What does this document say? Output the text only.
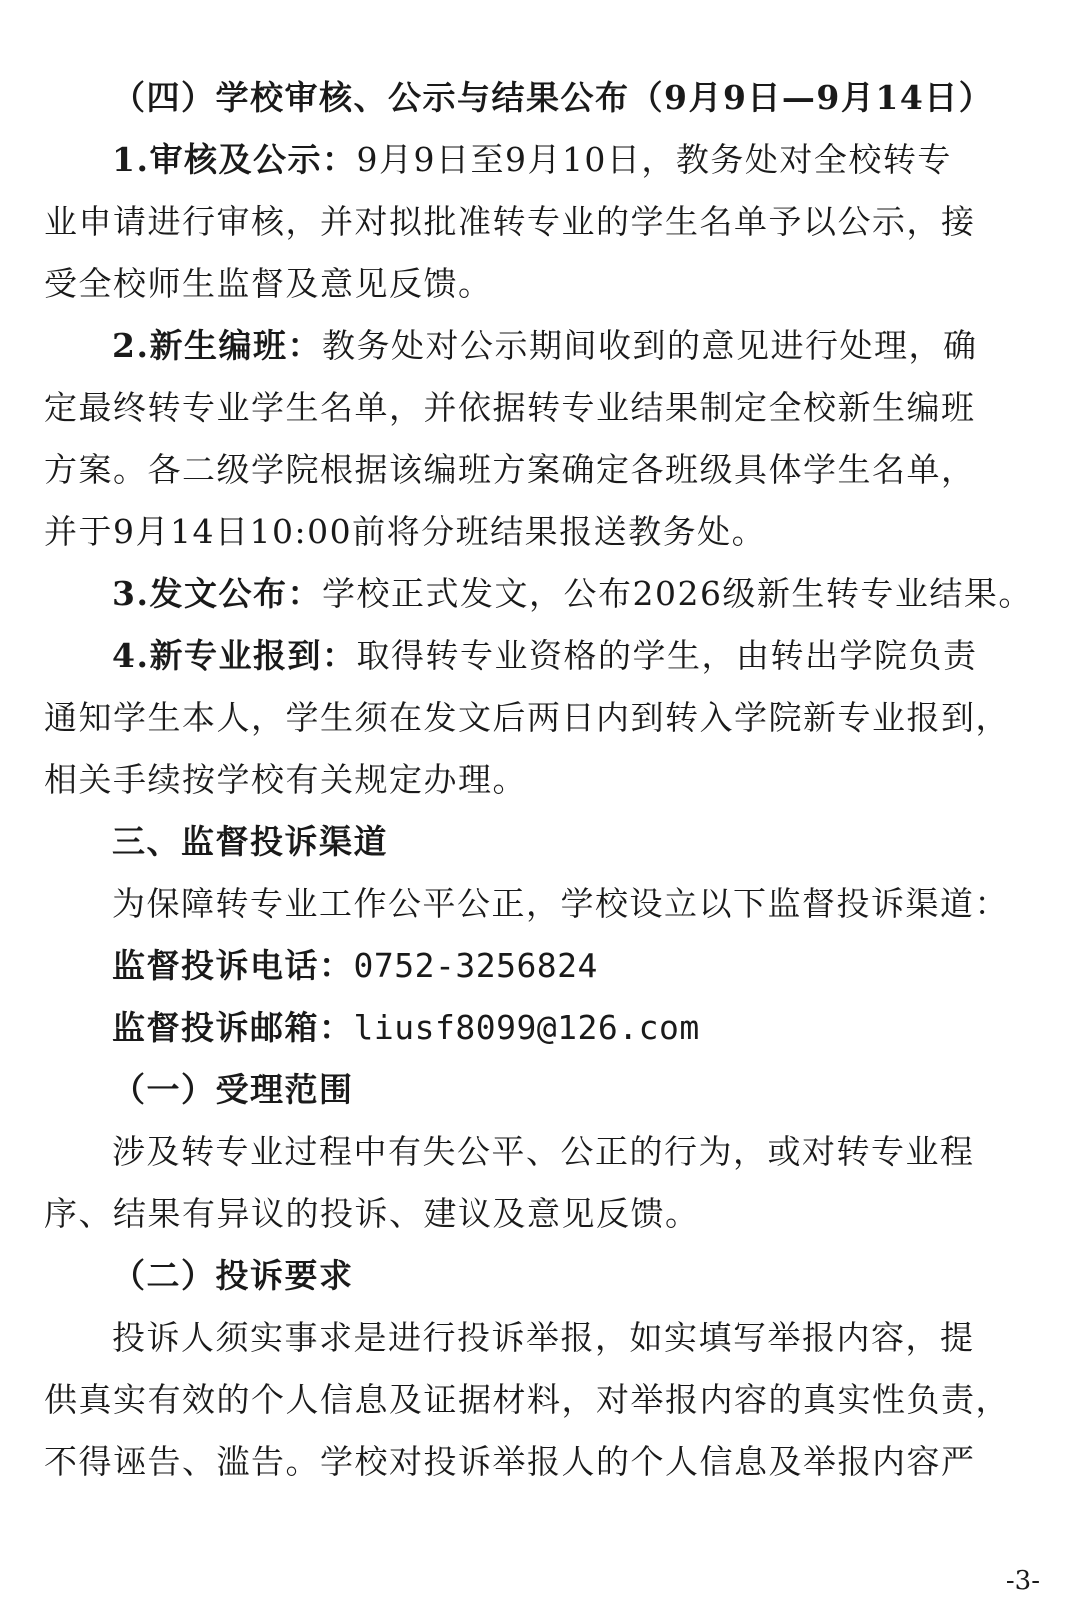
（四）学校审核、公示与结果公布（9月9日—9月14日）
1.审核及公示：9月9日至9月10日，教务处对全校转专
业申请进行审核，并对拟批准转专业的学生名单予以公示，接
受全校师生监督及意见反馈。
2.新生编班：教务处对公示期间收到的意见进行处理，确
定最终转专业学生名单，并依据转专业结果制定全校新生编班
方案。各二级学院根据该编班方案确定各班级具体学生名单，
并于9月14日10:00前将分班结果报送教务处。
3.发文公布：学校正式发文，公布2026级新生转专业结果。
4.新专业报到：取得转专业资格的学生，由转出学院负责
通知学生本人，学生须在发文后两日内到转入学院新专业报到，
相关手续按学校有关规定办理。
三、监督投诉渠道
为保障转专业工作公平公正，学校设立以下监督投诉渠道：
监督投诉电话：0752-3256824
监督投诉邮箱：liusf8099@126.com
（一）受理范围
涉及转专业过程中有失公平、公正的行为，或对转专业程
序、结果有异议的投诉、建议及意见反馈。
（二）投诉要求
投诉人须实事求是进行投诉举报，如实填写举报内容，提
供真实有效的个人信息及证据材料，对举报内容的真实性负责，
不得诬告、滥告。学校对投诉举报人的个人信息及举报内容严
-3-
